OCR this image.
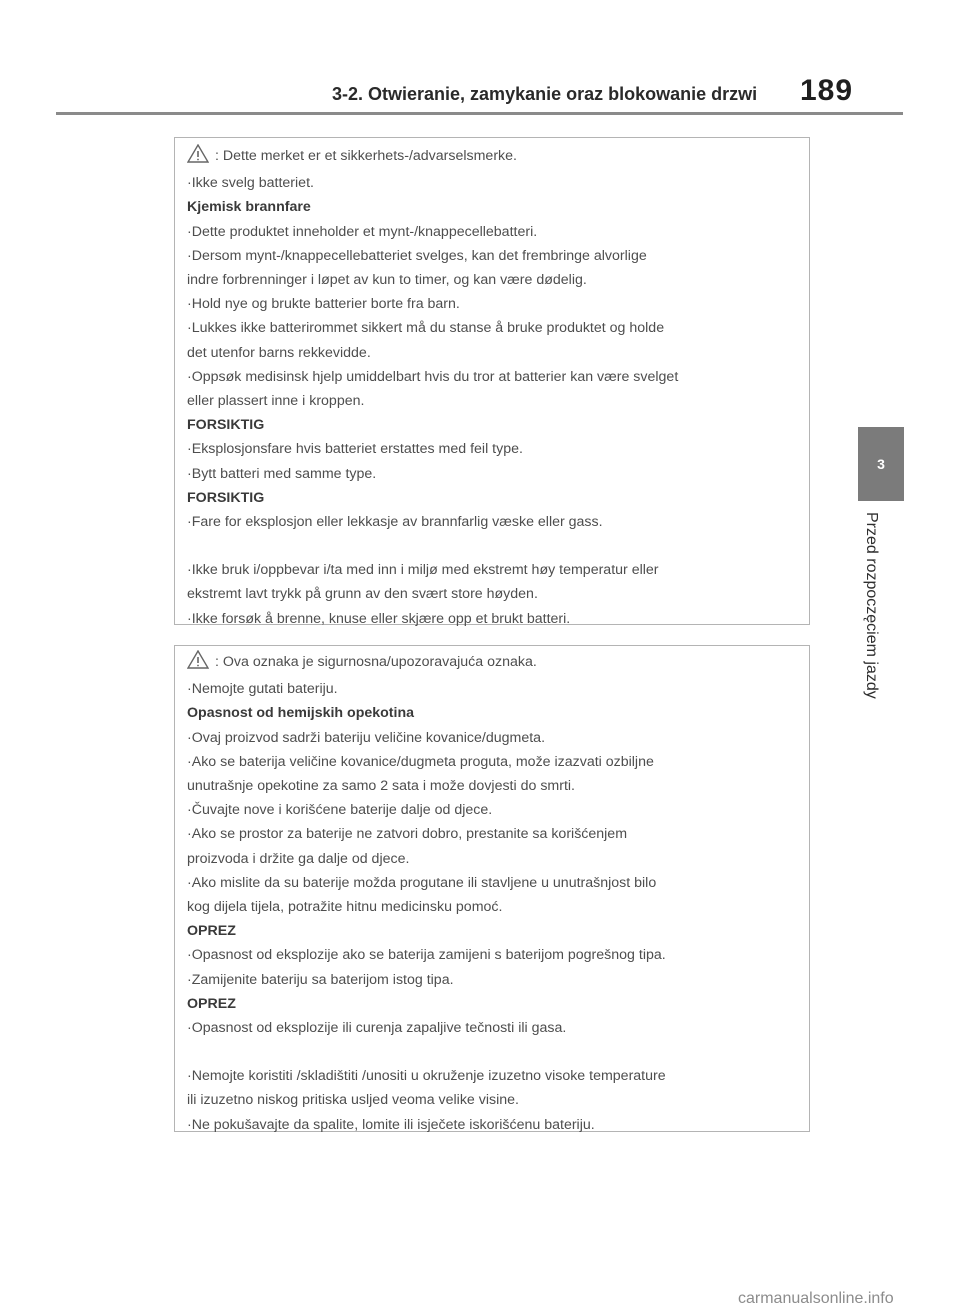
3-2. Otwieranie, zamykanie oraz blokowanie drzwi 189
3
Przed rozpoczęciem jazdy
: Dette merket er et sikkerhets-/advarselsmerke.
·Ikke svelg batteriet.
Kjemisk brannfare
·Dette produktet inneholder et mynt-/knappecellebatteri.
·Dersom mynt-/knappecellebatteriet svelges, kan det frembringe alvorlige
indre forbrenninger i løpet av kun to timer, og kan være dødelig.
·Hold nye og brukte batterier borte fra barn.
·Lukkes ikke batterirommet sikkert må du stanse å bruke produktet og holde
det utenfor barns rekkevidde.
·Oppsøk medisinsk hjelp umiddelbart hvis du tror at batterier kan være svelget
eller plassert inne i kroppen.
FORSIKTIG
·Eksplosjonsfare hvis batteriet erstattes med feil type.
·Bytt batteri med samme type.
FORSIKTIG
·Fare for eksplosjon eller lekkasje av brannfarlig væske eller gass.
·Ikke bruk i/oppbevar i/ta med inn i miljø med ekstremt høy temperatur eller
ekstremt lavt trykk på grunn av den svært store høyden.
·Ikke forsøk å brenne, knuse eller skjære opp et brukt batteri.
: Ova oznaka je sigurnosna/upozoravajuća oznaka.
·Nemojte gutati bateriju.
Opasnost od hemijskih opekotina
·Ovaj proizvod sadrži bateriju veličine kovanice/dugmeta.
·Ako se baterija veličine kovanice/dugmeta proguta, može izazvati ozbiljne
unutrašnje opekotine za samo 2 sata i može dovjesti do smrti.
·Čuvajte nove i korišćene baterije dalje od djece.
·Ako se prostor za baterije ne zatvori dobro, prestanite sa korišćenjem
proizvoda i držite ga dalje od djece.
·Ako mislite da su baterije možda progutane ili stavljene u unutrašnjost bilo
kog dijela tijela, potražite hitnu medicinsku pomoć.
OPREZ
·Opasnost od eksplozije ako se baterija zamijeni s baterijom pogrešnog tipa.
·Zamijenite bateriju sa baterijom istog tipa.
OPREZ
·Opasnost od eksplozije ili curenja zapaljive tečnosti ili gasa.
·Nemojte koristiti /skladištiti /unositi u okruženje izuzetno visoke temperature
ili izuzetno niskog pritiska usljed veoma velike visine.
·Ne pokušavajte da spalite, lomite ili isječete iskorišćenu bateriju.
carmanualsonline.info
